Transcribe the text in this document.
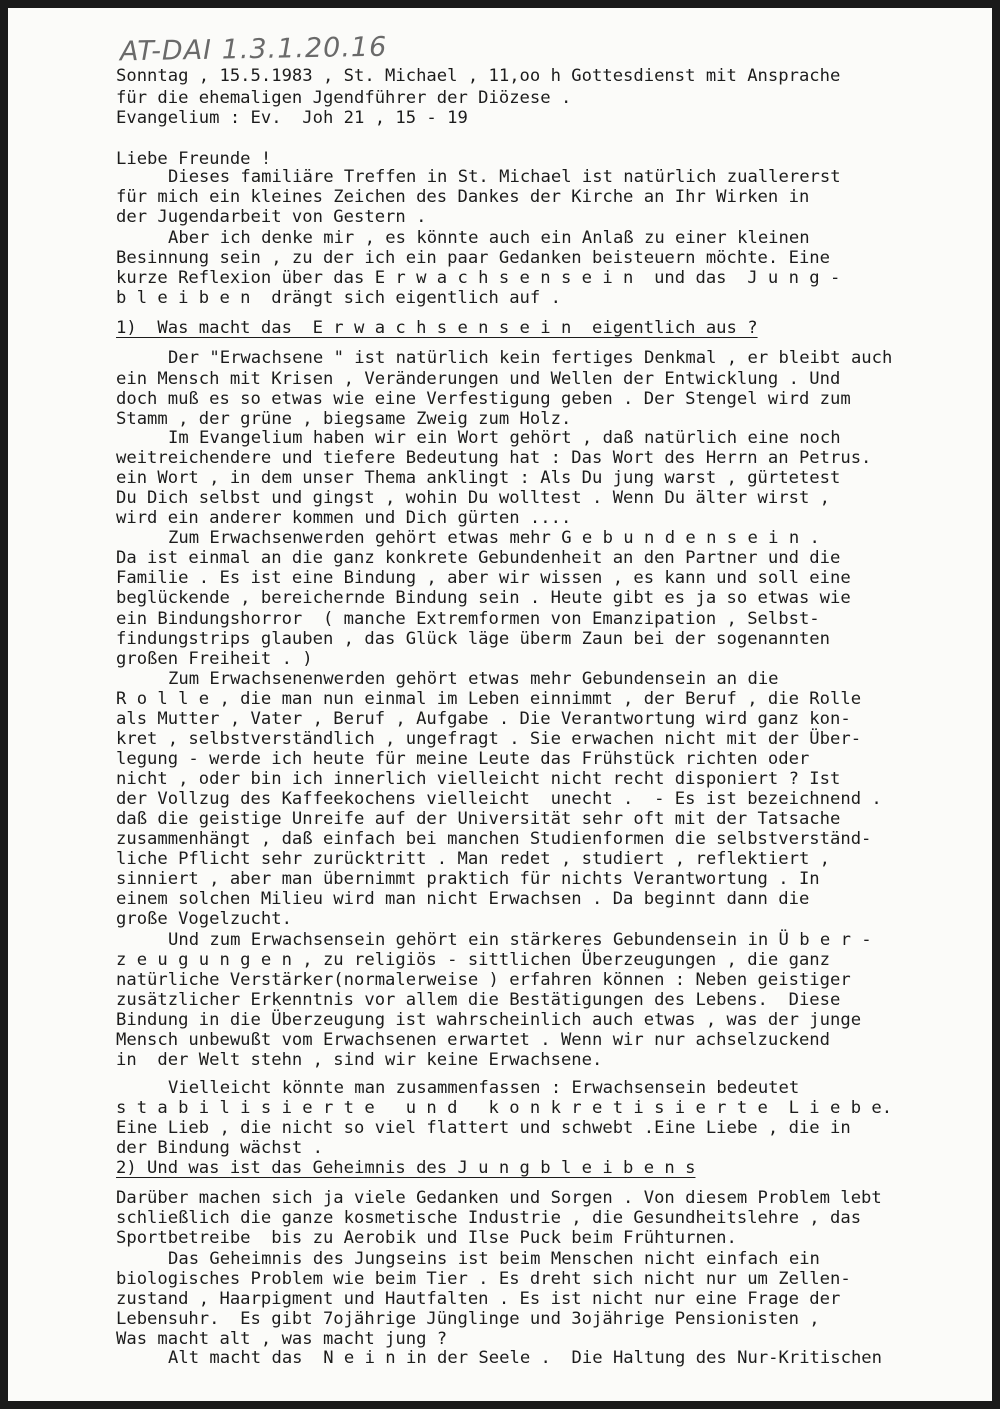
AT-DAI 1.3.1.20.16
Sonntag , 15.5.1983 , St. Michael , 11,oo h Gottesdienst mit Ansprache
für die ehemaligen Jgendführer der Diözese .
Evangelium : Ev.  Joh 21 , 15 - 19
Liebe Freunde !
Dieses familiäre Treffen in St. Michael ist natürlich zuallererst
für mich ein kleines Zeichen des Dankes der Kirche an Ihr Wirken in
der Jugendarbeit von Gestern .
Aber ich denke mir , es könnte auch ein Anlaß zu einer kleinen
Besinnung sein , zu der ich ein paar Gedanken beisteuern möchte. Eine
kurze Reflexion über das E r w a c h s e n s e i n  und das  J u n g -
b l e i b e n  drängt sich eigentlich auf .
1)  Was macht das  E r w a c h s e n s e i n  eigentlich aus ?
Der "Erwachsene " ist natürlich kein fertiges Denkmal , er bleibt auch
ein Mensch mit Krisen , Veränderungen und Wellen der Entwicklung . Und
doch muß es so etwas wie eine Verfestigung geben . Der Stengel wird zum
Stamm , der grüne , biegsame Zweig zum Holz.
Im Evangelium haben wir ein Wort gehört , daß natürlich eine noch
weitreichendere und tiefere Bedeutung hat : Das Wort des Herrn an Petrus.
ein Wort , in dem unser Thema anklingt : Als Du jung warst , gürtetest
Du Dich selbst und gingst , wohin Du wolltest . Wenn Du älter wirst ,
wird ein anderer kommen und Dich gürten ....
Zum Erwachsenwerden gehört etwas mehr G e b u n d e n s e i n .
Da ist einmal an die ganz konkrete Gebundenheit an den Partner und die
Familie . Es ist eine Bindung , aber wir wissen , es kann und soll eine
beglückende , bereichernde Bindung sein . Heute gibt es ja so etwas wie
ein Bindungshorror  ( manche Extremformen von Emanzipation , Selbst-
findungstrips glauben , das Glück läge überm Zaun bei der sogenannten
großen Freiheit . )
Zum Erwachsenenwerden gehört etwas mehr Gebundensein an die
R o l l e , die man nun einmal im Leben einnimmt , der Beruf , die Rolle
als Mutter , Vater , Beruf , Aufgabe . Die Verantwortung wird ganz kon-
kret , selbstverständlich , ungefragt . Sie erwachen nicht mit der Über-
legung - werde ich heute für meine Leute das Frühstück richten oder
nicht , oder bin ich innerlich vielleicht nicht recht disponiert ? Ist
der Vollzug des Kaffeekochens vielleicht  unecht .  - Es ist bezeichnend .
daß die geistige Unreife auf der Universität sehr oft mit der Tatsache
zusammenhängt , daß einfach bei manchen Studienformen die selbstverständ-
liche Pflicht sehr zurücktritt . Man redet , studiert , reflektiert ,
sinniert , aber man übernimmt praktich für nichts Verantwortung . In
einem solchen Milieu wird man nicht Erwachsen . Da beginnt dann die
große Vogelzucht.
Und zum Erwachsensein gehört ein stärkeres Gebundensein in Ü b e r -
z e u g u n g e n , zu religiös - sittlichen Überzeugungen , die ganz
natürliche Verstärker(normalerweise ) erfahren können : Neben geistiger
zusätzlicher Erkenntnis vor allem die Bestätigungen des Lebens.  Diese
Bindung in die Überzeugung ist wahrscheinlich auch etwas , was der junge
Mensch unbewußt vom Erwachsenen erwartet . Wenn wir nur achselzuckend
in  der Welt stehn , sind wir keine Erwachsene.
Vielleicht könnte man zusammenfassen : Erwachsensein bedeutet
s t a b i l i s i e r t e   u n d   k o n k r e t i s i e r t e  L i e b e.
Eine Lieb , die nicht so viel flattert und schwebt .Eine Liebe , die in
der Bindung wächst .
2) Und was ist das Geheimnis des J u n g b l e i b e n s
Darüber machen sich ja viele Gedanken und Sorgen . Von diesem Problem lebt
schließlich die ganze kosmetische Industrie , die Gesundheitslehre , das
Sportbetreibe  bis zu Aerobik und Ilse Puck beim Frühturnen.
Das Geheimnis des Jungseins ist beim Menschen nicht einfach ein
biologisches Problem wie beim Tier . Es dreht sich nicht nur um Zellen-
zustand , Haarpigment und Hautfalten . Es ist nicht nur eine Frage der
Lebensuhr.  Es gibt 7ojährige Jünglinge und 3ojährige Pensionisten ,
Was macht alt , was macht jung ?
Alt macht das  N e i n in der Seele .  Die Haltung des Nur-Kritischen
